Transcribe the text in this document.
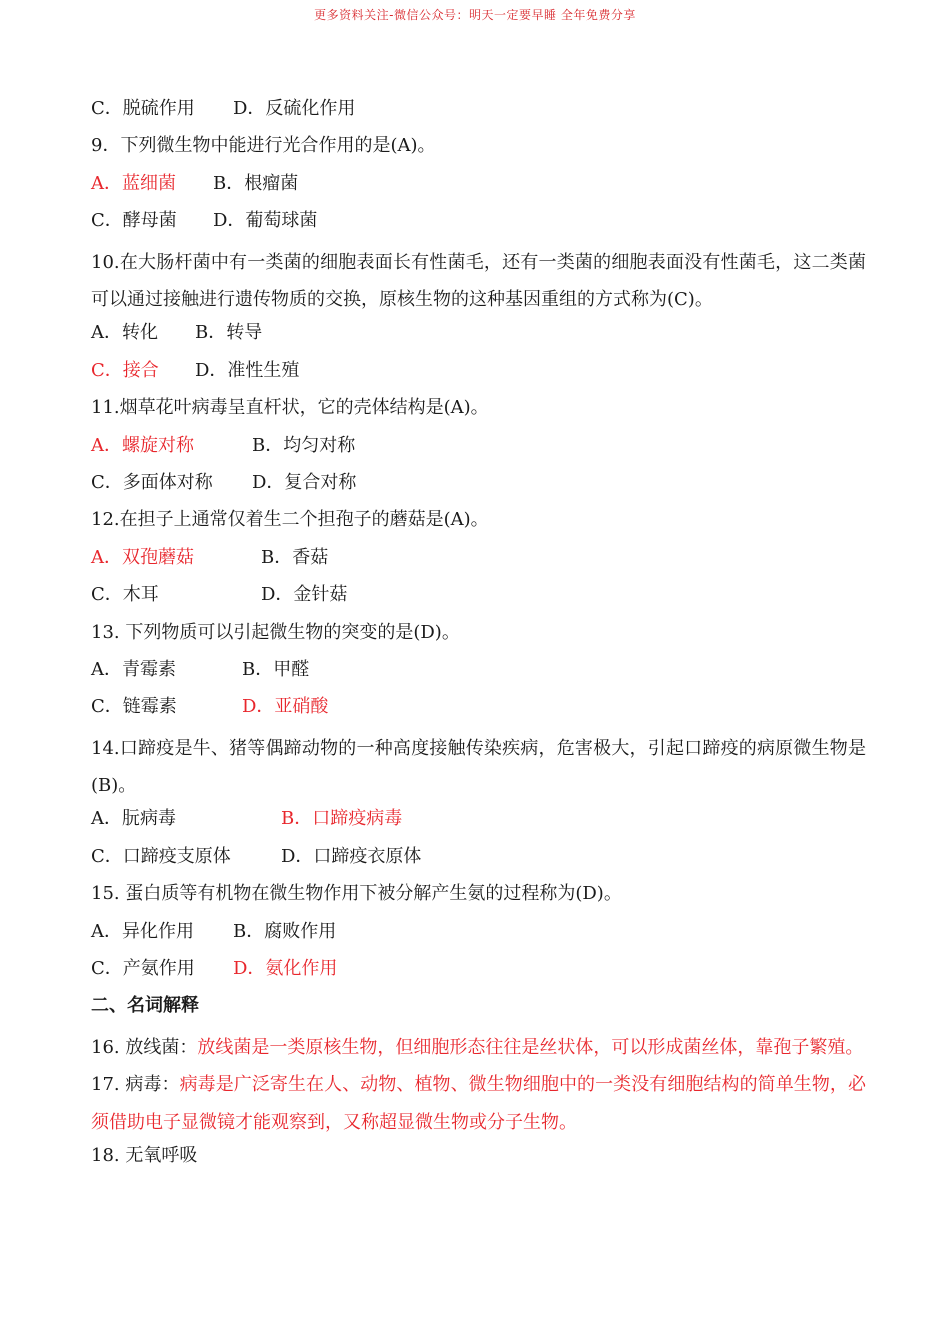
更多资料关注-微信公众号：明天一定要早睡 全年免费分享
C．脱硫作用 D．反硫化作用
9．下列微生物中能进行光合作用的是(A)。
A．蓝细菌 B．根瘤菌
C．酵母菌 D．葡萄球菌
10.在大肠杆菌中有一类菌的细胞表面长有性菌毛，还有一类菌的细胞表面没有性菌毛，这二类菌可以通过接触进行遗传物质的交换，原核生物的这种基因重组的方式称为(C)。
A．转化 B．转导
C．接合 D．准性生殖
11.烟草花叶病毒呈直杆状，它的壳体结构是(A)。
A．螺旋对称	B．均匀对称
C．多面体对称 D．复合对称
12.在担子上通常仅着生二个担孢子的蘑菇是(A)。
A．双孢蘑菇	B．香菇
C．木耳	D．金针菇
13. 下列物质可以引起微生物的突变的是(D)。
A．青霉素	B．甲醛
C．链霉素	D．亚硝酸
14.口蹄疫是牛、猪等偶蹄动物的一种高度接触传染疾病，危害极大，引起口蹄疫的病原微生物是(B)。
A．朊病毒	B．口蹄疫病毒
C．口蹄疫支原体	D．口蹄疫衣原体
15. 蛋白质等有机物在微生物作用下被分解产生氨的过程称为(D)。
A．异化作用 B．腐败作用
C．产氨作用 D．氨化作用
二、名词解释
16. 放线菌：放线菌是一类原核生物，但细胞形态往往是丝状体，可以形成菌丝体，靠孢子繁殖。
17. 病毒：病毒是广泛寄生在人、动物、植物、微生物细胞中的一类没有细胞结构的简单生物，必须借助电子显微镜才能观察到，又称超显微生物或分子生物。
18. 无氧呼吸
